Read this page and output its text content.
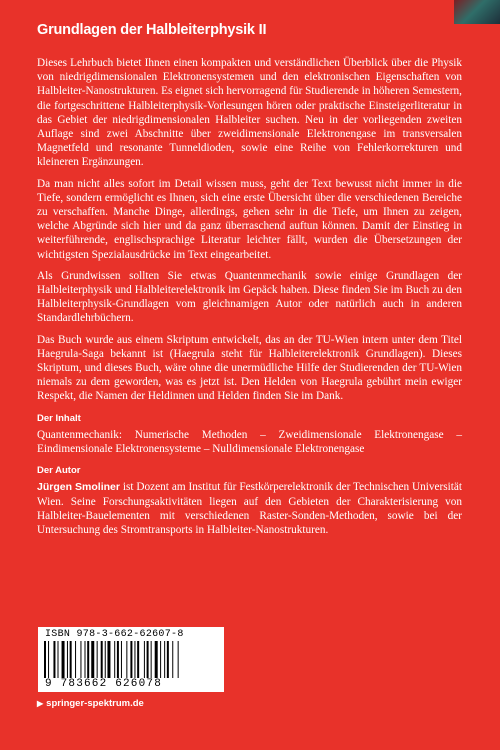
Grundlagen der Halbleiterphysik II

Dieses Lehrbuch bietet Ihnen einen kompakten und verständlichen Überblick über die Physik von niedrigdimensionalen Elektronensystemen und den elektronischen Eigenschaften von Halbleiter-Nanostrukturen. Es eignet sich hervorragend für Studierende in höheren Semestern, die fortgeschrittene Halbleiterphysik-Vorlesungen hören oder praktische Einsteigerliteratur in das Gebiet der niedrigdimensionalen Halbleiter suchen. Neu in der vorliegenden zweiten Auflage sind zwei Abschnitte über zweidimensionale Elektronengase im transversalen Magnetfeld und resonante Tunneldioden, sowie eine Reihe von Fehlerkorrekturen und kleineren Ergänzungen.

Da man nicht alles sofort im Detail wissen muss, geht der Text bewusst nicht immer in die Tiefe, sondern ermöglicht es Ihnen, sich eine erste Übersicht über die verschiedenen Bereiche zu verschaffen. Manche Dinge, allerdings, gehen sehr in die Tiefe, um Ihnen zu zeigen, welche Abgründe sich hier und da ganz überraschend auftun können. Damit der Einstieg in weiterführende, englischsprachige Literatur leichter fällt, wurden die Übersetzungen der wichtigsten Spezialausdrücke im Text eingearbeitet.

Als Grundwissen sollten Sie etwas Quantenmechanik sowie einige Grundlagen der Halbleiterphysik und Halbleiterelektronik im Gepäck haben. Diese finden Sie im Buch zu den Halbleiterphysik-Grundlagen vom gleichnamigen Autor oder natürlich auch in anderen Standardlehrbüchern.

Das Buch wurde aus einem Skriptum entwickelt, das an der TU-Wien intern unter dem Titel Haegrula-Saga bekannt ist (Haegrula steht für Halbleiterelektronik Grundlagen). Dieses Skriptum, und dieses Buch, wäre ohne die unermüdliche Hilfe der Studierenden der TU-Wien niemals zu dem geworden, was es jetzt ist. Den Helden von Haegrula gebührt mein ewiger Respekt, die Namen der Heldinnen und Helden finden Sie im Dank.

Der Inhalt

Quantenmechanik: Numerische Methoden – Zweidimensionale Elektronengase – Eindimensionale Elektronensysteme – Nulldimensionale Elektronengase

Der Autor

Jürgen Smoliner ist Dozent am Institut für Festkörperelektronik der Technischen Universität Wien. Seine Forschungsaktivitäten liegen auf den Gebieten der Charakterisierung von Halbleiter-Bauelementen mit verschiedenen Raster-Sonden-Methoden, sowie bei der Untersuchung des Stromtransports in Halbleiter-Nanostrukturen.

ISBN 978-3-662-62607-8
9 783662 626078
▶ springer-spektrum.de
